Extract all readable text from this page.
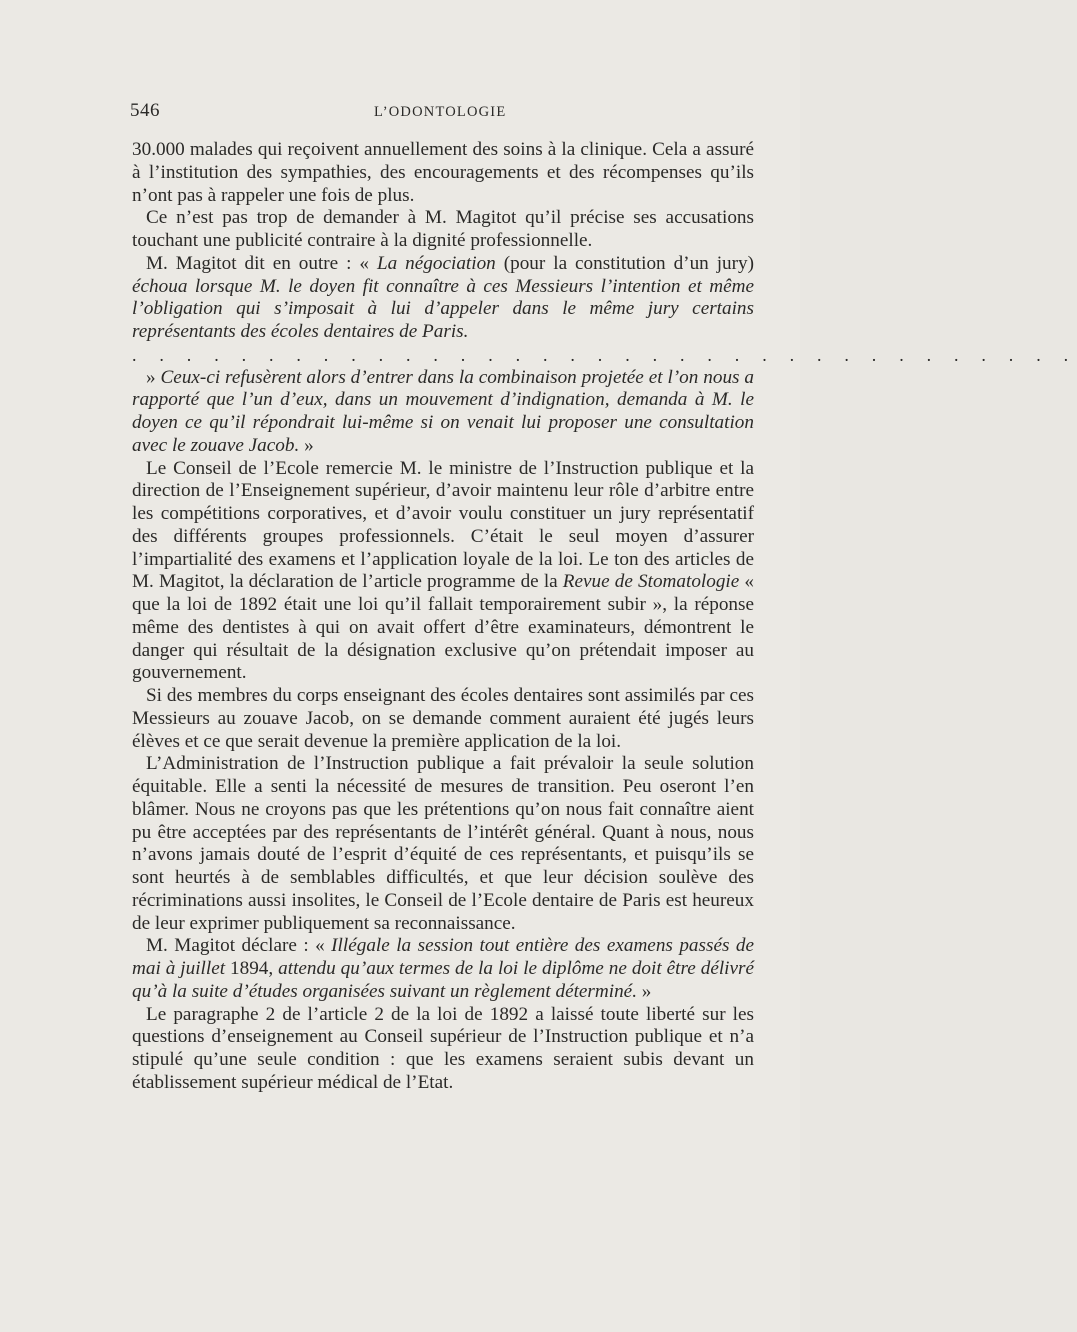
546	L’ODONTOLOGIE

30.000 malades qui reçoivent annuellement des soins à la clinique. Cela a assuré à l’institution des sympathies, des encouragements et des récompenses qu’ils n’ont pas à rappeler une fois de plus.

Ce n’est pas trop de demander à M. Magitot qu’il précise ses accusations touchant une publicité contraire à la dignité professionnelle.

M. Magitot dit en outre : « La négociation (pour la constitution d’un jury) échoua lorsque M. le doyen fit connaître à ces Messieurs l’intention et même l’obligation qui s’imposait à lui d’appeler dans le même jury certains représentants des écoles dentaires de Paris.

. . . . . . . . . . . . . . . . . . . . . . . . . . . . . . . . . . .

» Ceux-ci refusèrent alors d’entrer dans la combinaison projetée et l’on nous a rapporté que l’un d’eux, dans un mouvement d’indignation, demanda à M. le doyen ce qu’il répondrait lui-même si on venait lui proposer une consultation avec le zouave Jacob. »

Le Conseil de l’Ecole remercie M. le ministre de l’Instruction publique et la direction de l’Enseignement supérieur, d’avoir maintenu leur rôle d’arbitre entre les compétitions corporatives, et d’avoir voulu constituer un jury représentatif des différents groupes professionnels. C’était le seul moyen d’assurer l’impartialité des examens et l’application loyale de la loi. Le ton des articles de M. Magitot, la déclaration de l’article programme de la Revue de Stomatologie « que la loi de 1892 était une loi qu’il fallait temporairement subir », la réponse même des dentistes à qui on avait offert d’être examinateurs, démontrent le danger qui résultait de la désignation exclusive qu’on prétendait imposer au gouvernement.

Si des membres du corps enseignant des écoles dentaires sont assimilés par ces Messieurs au zouave Jacob, on se demande comment auraient été jugés leurs élèves et ce que serait devenue la première application de la loi.

L’Administration de l’Instruction publique a fait prévaloir la seule solution équitable. Elle a senti la nécessité de mesures de transition. Peu oseront l’en blâmer. Nous ne croyons pas que les prétentions qu’on nous fait connaître aient pu être acceptées par des représentants de l’intérêt général. Quant à nous, nous n’avons jamais douté de l’esprit d’équité de ces représentants, et puisqu’ils se sont heurtés à de semblables difficultés, et que leur décision soulève des récriminations aussi insolites, le Conseil de l’Ecole dentaire de Paris est heureux de leur exprimer publiquement sa reconnaissance.

M. Magitot déclare : « Illégale la session tout entière des examens passés de mai à juillet 1894, attendu qu’aux termes de la loi le diplôme ne doit être délivré qu’à la suite d’études organisées suivant un règlement déterminé. »

Le paragraphe 2 de l’article 2 de la loi de 1892 a laissé toute liberté sur les questions d’enseignement au Conseil supérieur de l’Instruction publique et n’a stipulé qu’une seule condition : que les examens seraient subis devant un établissement supérieur médical de l’Etat.
